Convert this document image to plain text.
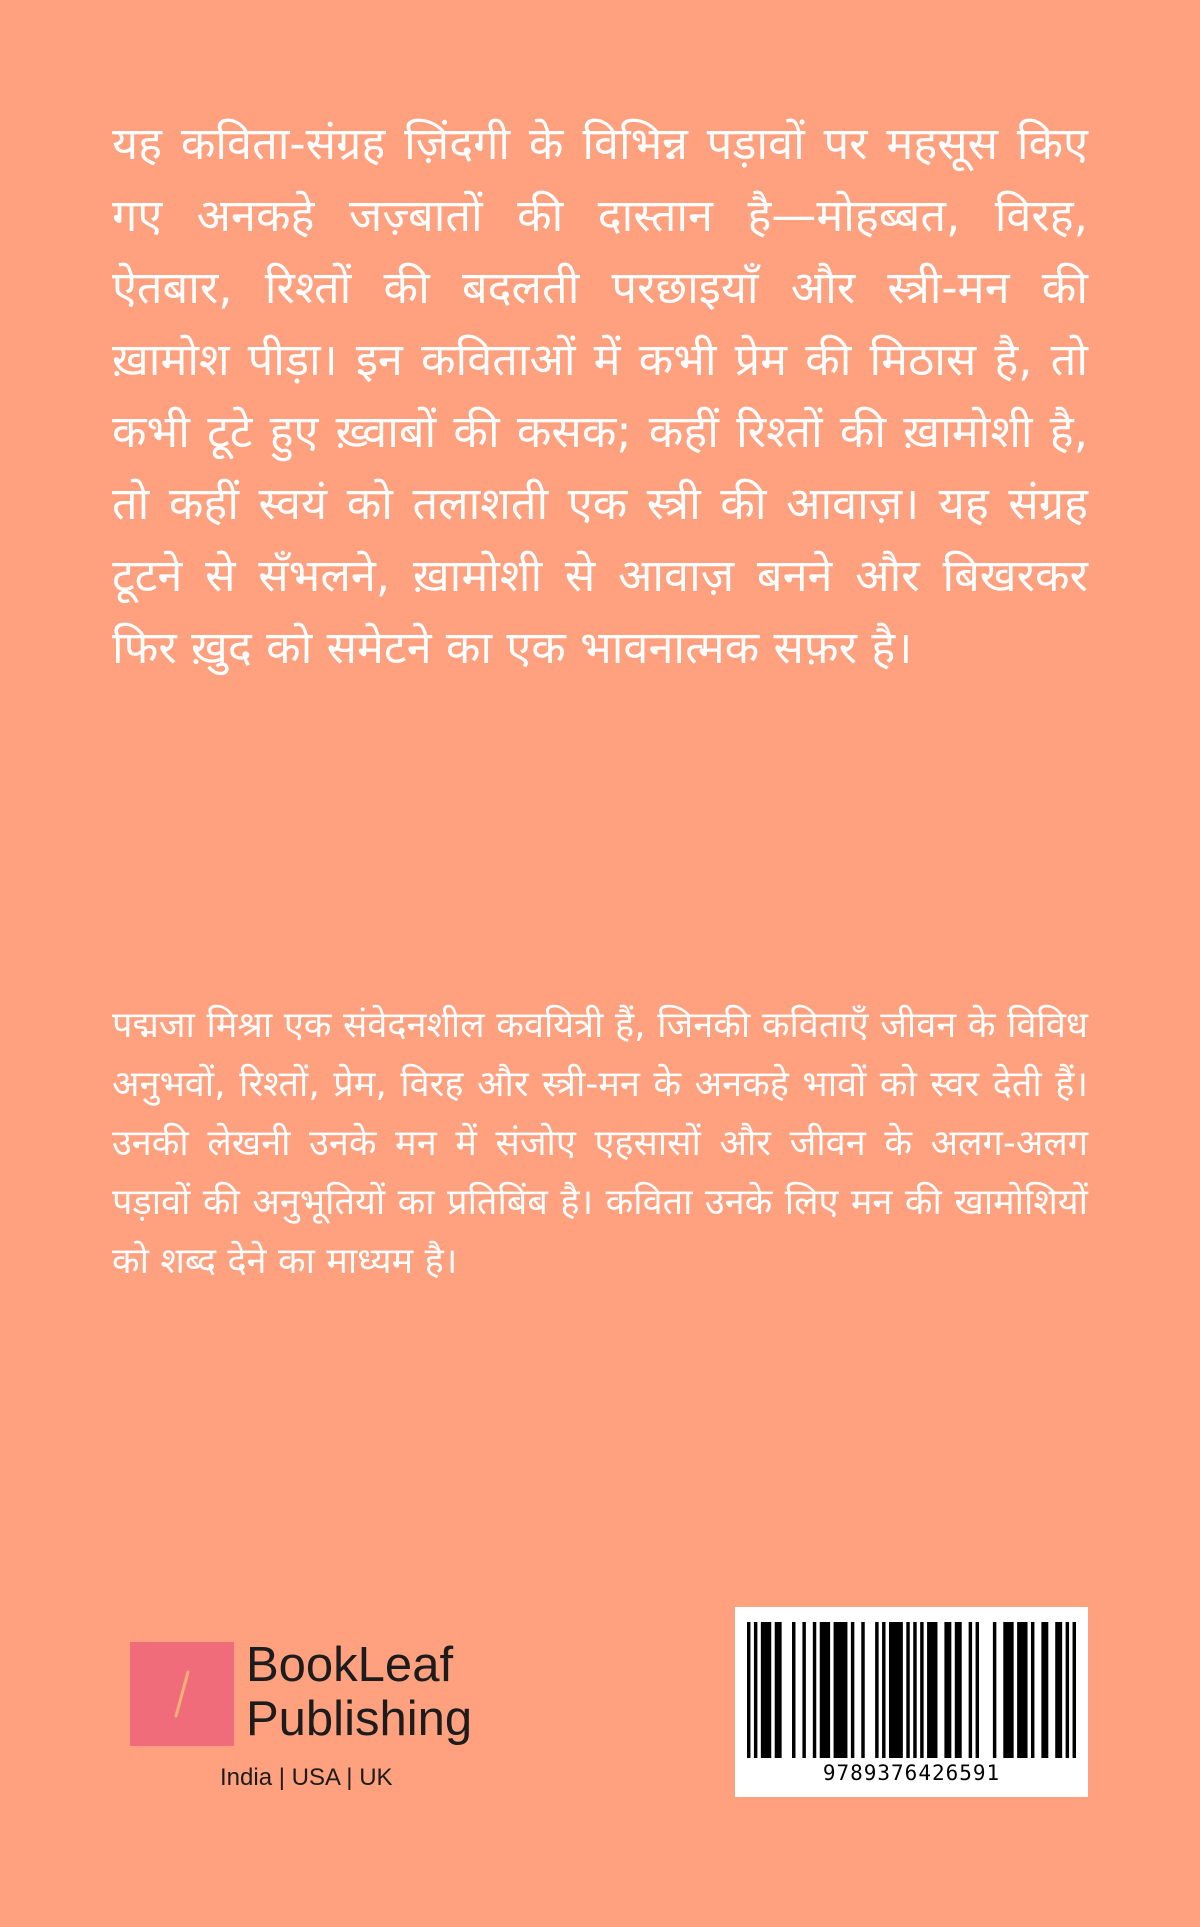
यह कविता-संग्रह ज़िंदगी के विभिन्न पड़ावों पर महसूस किए गए अनकहे जज़्बातों की दास्तान है—मोहब्बत, विरह, ऐतबार, रिश्तों की बदलती परछाइयाँ और स्त्री-मन की ख़ामोश पीड़ा। इन कविताओं में कभी प्रेम की मिठास है, तो कभी टूटे हुए ख़्वाबों की कसक; कहीं रिश्तों की ख़ामोशी है, तो कहीं स्वयं को तलाशती एक स्त्री की आवाज़। यह संग्रह टूटने से सँभलने, ख़ामोशी से आवाज़ बनने और बिखरकर फिर ख़ुद को समेटने का एक भावनात्मक सफ़र है।

पद्मजा मिश्रा एक संवेदनशील कवयित्री हैं, जिनकी कविताएँ जीवन के विविध अनुभवों, रिश्तों, प्रेम, विरह और स्त्री-मन के अनकहे भावों को स्वर देती हैं। उनकी लेखनी उनके मन में संजोए एहसासों और जीवन के अलग-अलग पड़ावों की अनुभूतियों का प्रतिबिंब है। कविता उनके लिए मन की खामोशियों को शब्द देने का माध्यम है।

BookLeaf
Publishing
India | USA | UK	9789376426591
